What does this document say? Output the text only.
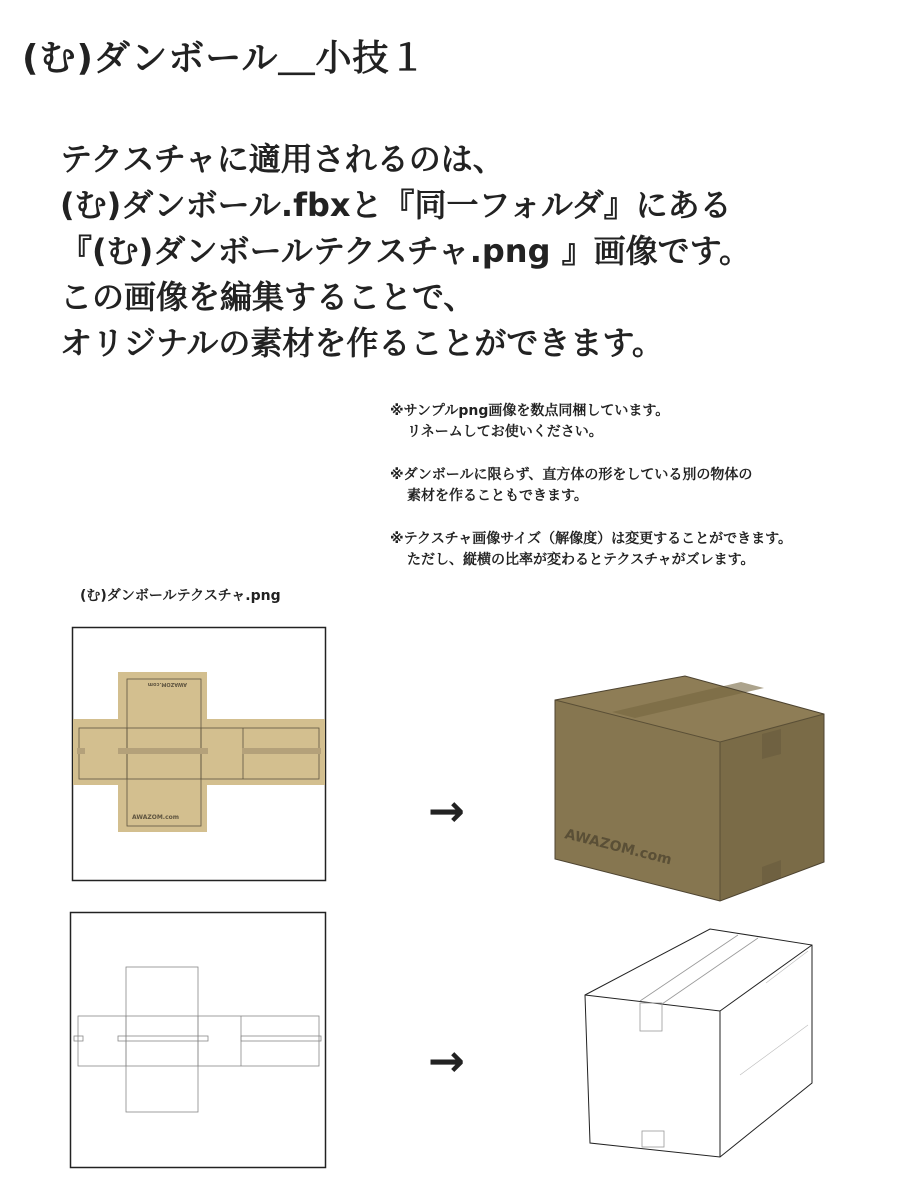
(む)ダンボール＿小技１
テクスチャに適用されるのは、
(む)ダンボール.fbxと『同一フォルダ』にある
『(む)ダンボールテクスチャ.png 』画像です。
この画像を編集することで、
オリジナルの素材を作ることができます。
※サンプルpng画像を数点同梱しています。
リネームしてお使いください。
※ダンボールに限らず、直方体の形をしている別の物体の
素材を作ることもできます。
※テクスチャ画像サイズ（解像度）は変更することができます。
ただし、縦横の比率が変わるとテクスチャがズレます。
(む)ダンボールテクスチャ.png
AWAZOM.com
AWAZOM.com	→
AWAZOM.com
→
